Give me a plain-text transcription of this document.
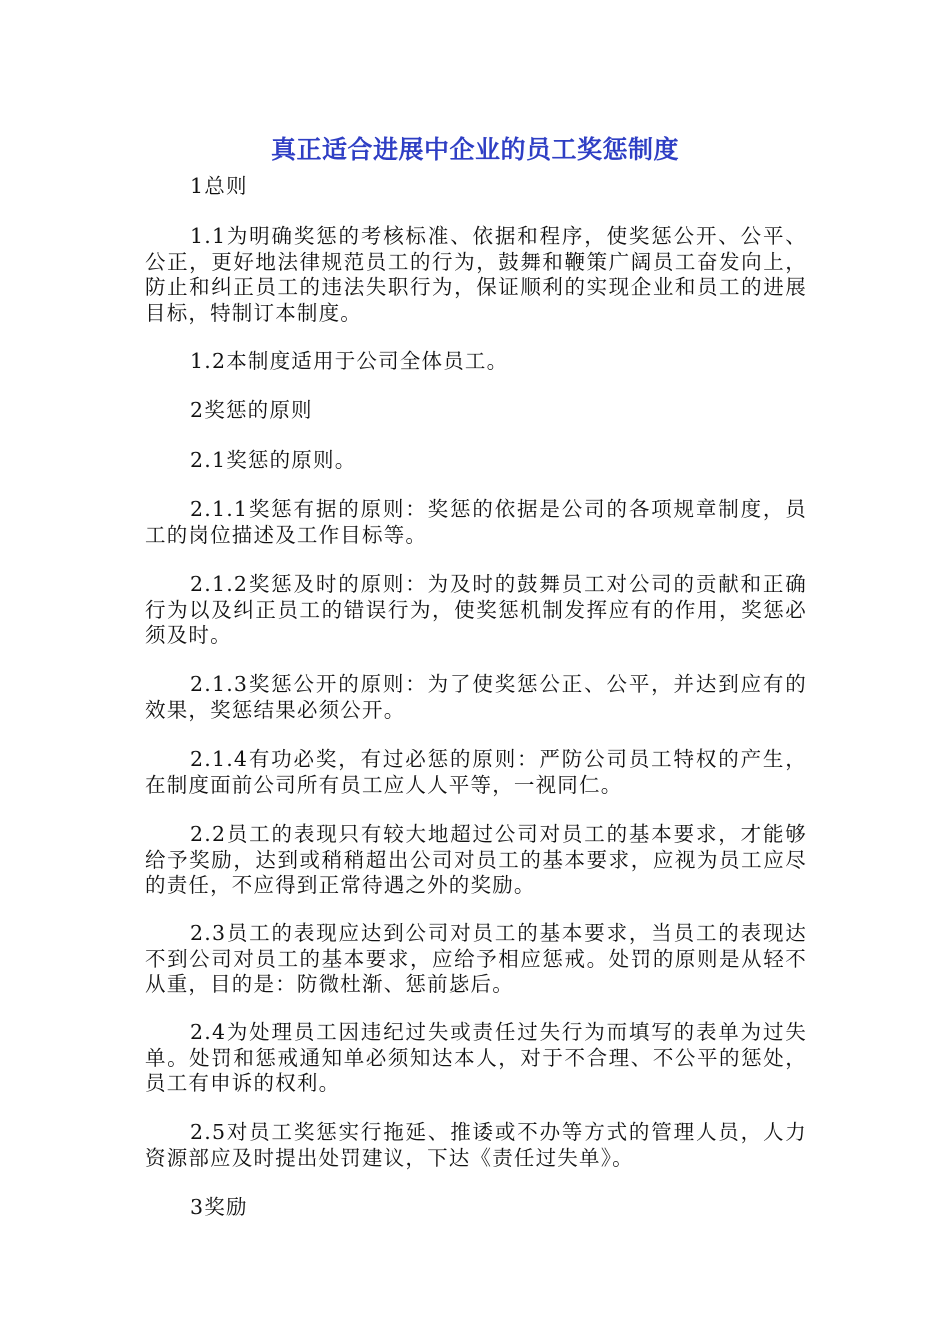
真正适合进展中企业的员工奖惩制度

1总则

1.1为明确奖惩的考核标准、依据和程序，使奖惩公开、公平、公正，更好地法律规范员工的行为，鼓舞和鞭策广阔员工奋发向上，防止和纠正员工的违法失职行为，保证顺利的实现企业和员工的进展目标，特制订本制度。

1.2本制度适用于公司全体员工。

2奖惩的原则

2.1奖惩的原则。

2.1.1奖惩有据的原则：奖惩的依据是公司的各项规章制度，员工的岗位描述及工作目标等。

2.1.2奖惩及时的原则：为及时的鼓舞员工对公司的贡献和正确行为以及纠正员工的错误行为，使奖惩机制发挥应有的作用，奖惩必须及时。

2.1.3奖惩公开的原则：为了使奖惩公正、公平，并达到应有的效果，奖惩结果必须公开。

2.1.4有功必奖，有过必惩的原则：严防公司员工特权的产生，在制度面前公司所有员工应人人平等，一视同仁。

2.2员工的表现只有较大地超过公司对员工的基本要求，才能够给予奖励，达到或稍稍超出公司对员工的基本要求，应视为员工应尽的责任，不应得到正常待遇之外的奖励。

2.3员工的表现应达到公司对员工的基本要求，当员工的表现达不到公司对员工的基本要求，应给予相应惩戒。处罚的原则是从轻不从重，目的是：防微杜渐、惩前毖后。

2.4为处理员工因违纪过失或责任过失行为而填写的表单为过失单。处罚和惩戒通知单必须知达本人，对于不合理、不公平的惩处，员工有申诉的权利。

2.5对员工奖惩实行拖延、推诿或不办等方式的管理人员，人力资源部应及时提出处罚建议，下达《责任过失单》。

3奖励
